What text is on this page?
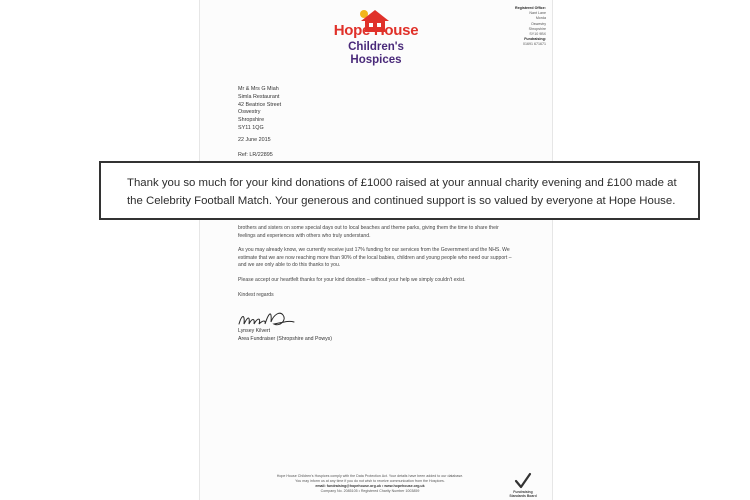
Hope House
Children's Hospices
Registered Office:
Nant Lane
Morda
Oswestry
Shropshire
SY10 9BX
Fundraising:
01691 671671
Mr & Mrs G Miah
Simla Restaurant
42 Beatrice Street
Oswestry
Shropshire
SY11 1QG
22 June 2015
Ref: LR/22895
brothers and sisters on some special days out to local beaches and theme parks, giving them the time to share their feelings and experiences with others who truly understand.
As you may already know, we currently receive just 17% funding for our services from the Government and the NHS. We estimate that we are now reaching more than 90% of the local babies, children and young people who need our support – and we are only able to do this thanks to you.
Please accept our heartfelt thanks for your kind donation – without your help we simply couldn't exist.
Kindest regards
Lynsey Kilvert
Area Fundraiser (Shropshire and Powys)
Hope House Children's Hospices comply with the Data Protection Act. Your details have been added to our database.
You may inform us at any time if you do not wish to receive communication from the Hospices.
email: fundraising@hopehouse.org.uk • www.hopehouse.org.uk
Company No. 2085105 • Registered Charity Number 1003859	Fundraising
Standards Board
Thank you so much for your kind donations of £1000 raised at your annual charity evening and £100 made at the Celebrity Football Match. Your generous and continued support is so valued by everyone at Hope House.
